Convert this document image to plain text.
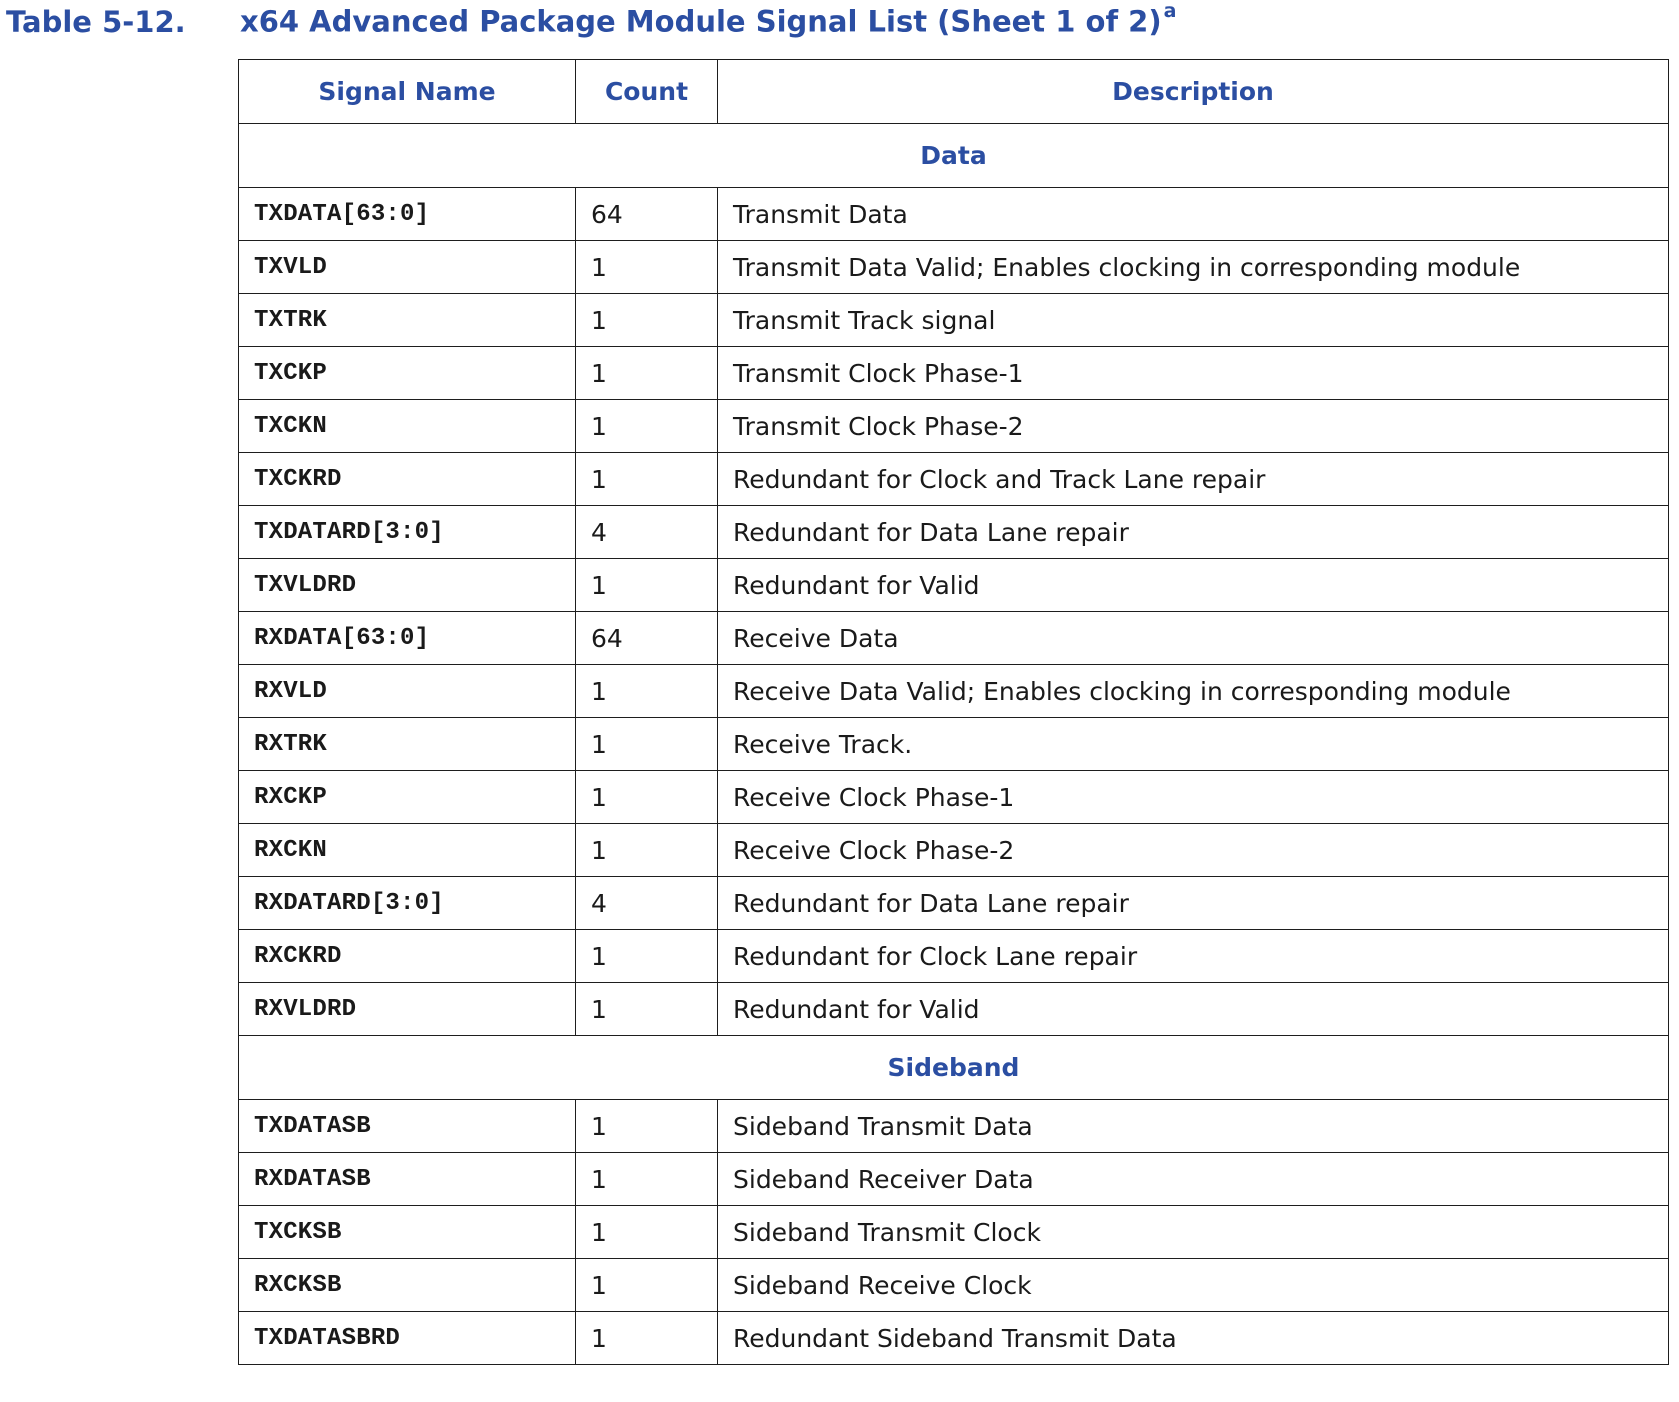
Table 5-12.	x64 Advanced Package Module Signal List (Sheet 1 of 2) $^a$
Signal Name	Count	Description
Data		
TXDATA[63:0]	64	Transmit Data
TXVLD	1	Transmit Data Valid; Enables clocking in corresponding module
TXTRK	1	Transmit Track signal
TXCKP	1	Transmit Clock Phase-1
TXCKN	1	Transmit Clock Phase-2
TXCKRD	1	Redundant for Clock and Track Lane repair
TXDATARD[3:0]	4	Redundant for Data Lane repair
TXVLDRD	1	Redundant for Valid
RXDATA[63:0]	64	Receive Data
RXVLD	1	Receive Data Valid; Enables clocking in corresponding module
RXTRK	1	Receive Track.
RXCKP	1	Receive Clock Phase-1
RXCKN	1	Receive Clock Phase-2
RXDATARD[3:0]	4	Redundant for Data Lane repair
RXCKRD	1	Redundant for Clock Lane repair
RXVLDRD	1	Redundant for Valid
Sideband		
TXDATASB	1	Sideband Transmit Data
RXDATASB	1	Sideband Receiver Data
TXCKSB	1	Sideband Transmit Clock
RXCKSB	1	Sideband Receive Clock
TXDATASBRD	1	Redundant Sideband Transmit Data
